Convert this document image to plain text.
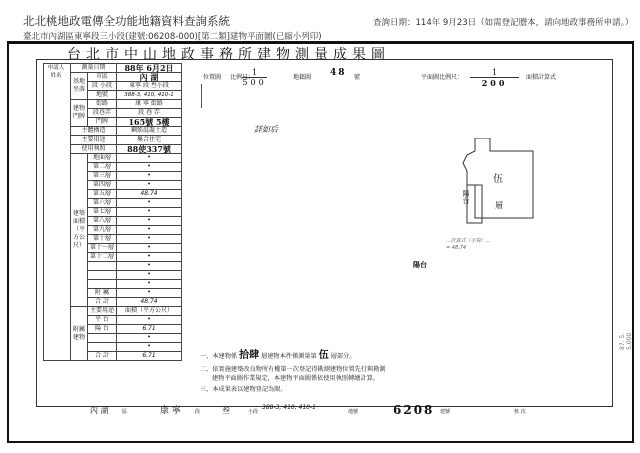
北北桃地政電傳全功能地籍資料查詢系統
臺北市內湖區東寧段三小段(建號:06208-000)[第二類]建物平面圖(已縮小列印)
查詢日期：114年 9月23日（如需登記謄本，請向地政事務所申請。）
台北市中山地政事務所建物測量成果圖
申請人姓名	測量日期		88年 6月2日
	基地坐落	市區	內 湖
		段 小段	東寧 段 叁小段
		地號	388-3, 410, 410-1
	建物門牌	街路	康 寧 街路
		段巷弄	段 巷 弄
		門牌	165號 5樓
	主體構造		鋼筋混凝土造
	主要用途		集合住宅
	使用執照		88使337號
	建築面積（平方公尺）	地面層	•
		第二層	•
		第三層	•
		第四層	•
		第五層	48.74
		第六層	•
		第七層	•
		第八層	•
		第九層	•
		第十層	•
		第十一層	•
		第十二層	•
			•
			•
			•
		附 屬	•
		合 計	48.74
	附屬建物	主要用途	面積（平方公尺）
		平 台	•
		陽 台	6.71
			•
			•
		合 計	6.71
位置圖 比例尺：
$\frac{1}{500}$	地籍圖 48 號
詳如后
平面圖比例尺： $\frac{1}{200}$ 面積計算式
伍
層
陽台
...計算式（手寫）...
= 48.74
陽台
一、本建物係 拾肆 層建物本件僅測量第 伍 層部分。
二、依實施建築改良物所有權第一次登記得勘測建物位置先行與勘測
建物平面圖作業規定，本建物平面圖係依使用執照轉繪計算。
三、本成果表以建物登記為限。
內 湖	區	康 寧	段	叁	小段
388-3, 410, 410-1
地號	6208 建號	核 次
87. 5. 5,000
